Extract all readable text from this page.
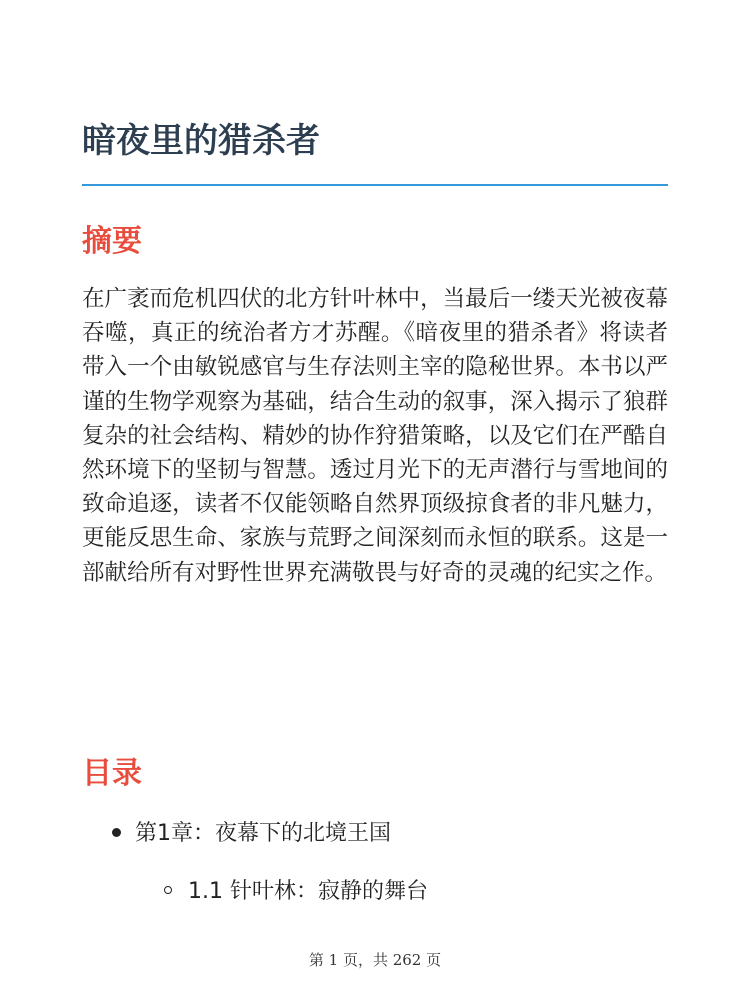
暗夜里的猎杀者
摘要

在广袤而危机四伏的北方针叶林中，当最后一缕天光被夜幕吞噬，真正的统治者方才苏醒。《暗夜里的猎杀者》将读者带入一个由敏锐感官与生存法则主宰的隐秘世界。本书以严谨的生物学观察为基础，结合生动的叙事，深入揭示了狼群复杂的社会结构、精妙的协作狩猎策略，以及它们在严酷自然环境下的坚韧与智慧。透过月光下的无声潜行与雪地间的致命追逐，读者不仅能领略自然界顶级掠食者的非凡魅力，更能反思生命、家族与荒野之间深刻而永恒的联系。这是一部献给所有对野性世界充满敬畏与好奇的灵魂的纪实之作。

目录
第1章：夜幕下的北境王国
1.1 针叶林：寂静的舞台
第 1 页，共 262 页
